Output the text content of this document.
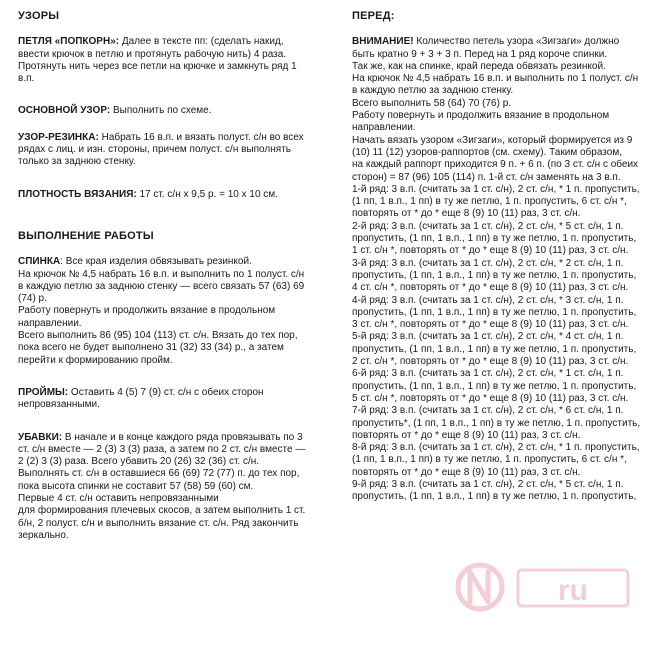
УЗОРЫ

ПЕТЛЯ «ПОПКОРН»: Далее в тексте пп: (сделать накид,
ввести крючок в петлю и протянуть рабочую нить) 4 раза.
Протянуть нить через все петли на крючке и замкнуть ряд 1
в.п.
ОСНОВНОЙ УЗОР: Выполнить по схеме.
УЗОР-РЕЗИНКА: Набрать 16 в.п. и вязать полуст. с/н во всех
рядах с лиц. и изн. стороны, причем полуст. с/н выполнять
только за заднюю стенку.
ПЛОТНОСТЬ ВЯЗАНИЯ: 17 ст. с/н х 9,5 р. = 10 х 10 см.

ВЫПОЛНЕНИЕ РАБОТЫ

СПИНКА: Все края изделия обвязывать резинкой.
На крючок № 4,5 набрать 16 в.п. и выполнить по 1 полуст. с/н
в каждую петлю за заднюю стенку — всего связать 57 (63) 69
(74) р.
Работу повернуть и продолжить вязание в продольном
направлении.
Всего выполнить 86 (95) 104 (113) ст. с/н. Вязать до тех пор,
пока всего не будет выполнено 31 (32) 33 (34) р., а затем
перейти к формированию пройм.
ПРОЙМЫ: Оставить 4 (5) 7 (9) ст. с/н с обеих сторон
непровязанными.
УБАВКИ: В начале и в конце каждого ряда провязывать по 3
ст. с/н вместе — 2 (3) 3 (3) раза, а затем по 2 ст. с/н вместе —
2 (2) 3 (3) раза. Всего убавить 20 (26) 32 (36) ст. с/н.
Выполнять ст. с/н в оставшиеся 66 (69) 72 (77) п. до тех пор,
пока высота спинки не составит 57 (58) 59 (60) см.
Первые 4 ст. с/н оставить непровязанными
для формирования плечевых скосов, а затем выполнить 1 ст.
б/н, 2 полуст. с/н и выполнить вязание ст. с/н. Ряд закончить
зеркально.

ПЕРЕД:

ВНИМАНИЕ! Количество петель узора «Зигзаги» должно
быть кратно 9 + 3 + 3 п. Перед на 1 ряд короче спинки.
Так же, как на спинке, край переда обвязать резинкой.
На крючок № 4,5 набрать 16 в.п. и выполнить по 1 полуст. с/н
в каждую петлю за заднюю стенку.
Всего выполнить 58 (64) 70 (76) р.
Работу повернуть и продолжить вязание в продольном
направлении.
Начать вязать узором «Зигзаги», который формируется из 9
(10) 11 (12) узоров-раппортов (см. схему). Таким образом,
на каждый раппорт приходится 9 п. + 6 п. (по 3 ст. с/н с обеих
сторон) = 87 (96) 105 (114) п. 1-й ст. с/н заменять на 3 в.п.
1-й ряд: 3 в.п. (считать за 1 ст. с/н), 2 ст. с/н, * 1 п. пропустить,
(1 пп, 1 в.п., 1 пп) в ту же петлю, 1 п. пропустить, 6 ст. с/н *,
повторять от * до * еще 8 (9) 10 (11) раз, 3 ст. с/н.
2-й ряд: 3 в.п. (считать за 1 ст. с/н), 2 ст. с/н, * 5 ст. с/н, 1 п.
пропустить, (1 пп, 1 в.п., 1 пп) в ту же петлю, 1 п. пропустить,
1 ст. с/н *, повторять от * до * еще 8 (9) 10 (11) раз, 3 ст. с/н.
3-й ряд: 3 в.п. (считать за 1 ст. с/н), 2 ст. с/н, * 2 ст. с/н, 1 п.
пропустить, (1 пп, 1 в.п., 1 пп) в ту же петлю, 1 п. пропустить,
4 ст. с/н *, повторять от * до * еще 8 (9) 10 (11) раз, 3 ст. с/н.
4-й ряд: 3 в.п. (считать за 1 ст. с/н), 2 ст. с/н, * 3 ст. с/н, 1 п.
пропустить, (1 пп, 1 в.п., 1 пп) в ту же петлю, 1 п. пропустить,
3 ст. с/н *, повторять от * до * еще 8 (9) 10 (11) раз, 3 ст. с/н.
5-й ряд: 3 в.п. (считать за 1 ст. с/н), 2 ст. с/н, * 4 ст. с/н, 1 п.
пропустить, (1 пп, 1 в.п., 1 пп) в ту же петлю, 1 п. пропустить,
2 ст. с/н *, повторять от * до * еще 8 (9) 10 (11) раз, 3 ст. с/н.
6-й ряд: 3 в.п. (считать за 1 ст. с/н), 2 ст. с/н, * 1 ст. с/н, 1 п.
пропустить, (1 пп, 1 в.п., 1 пп) в ту же петлю, 1 п. пропустить,
5 ст. с/н *, повторять от * до * еще 8 (9) 10 (11) раз, 3 ст. с/н.
7-й ряд: 3 в.п. (считать за 1 ст. с/н), 2 ст. с/н, * 6 ст. с/н, 1 п.
пропустить*, (1 пп, 1 в.п., 1 пп) в ту же петлю, 1 п. пропустить,
повторять от * до * еще 8 (9) 10 (11) раз, 3 ст. с/н.
8-й ряд: 3 в.п. (считать за 1 ст. с/н), 2 ст. с/н, * 1 п. пропустить,
(1 пп, 1 в.п., 1 пп) в ту же петлю, 1 п. пропустить, 6 ст. с/н *,
повторять от * до * еще 8 (9) 10 (11) раз, 3 ст. с/н.
9-й ряд: 3 в.п. (считать за 1 ст. с/н), 2 ст. с/н, * 5 ст. с/н, 1 п.
пропустить, (1 пп, 1 в.п., 1 пп) в ту же петлю, 1 п. пропустить,
ru
